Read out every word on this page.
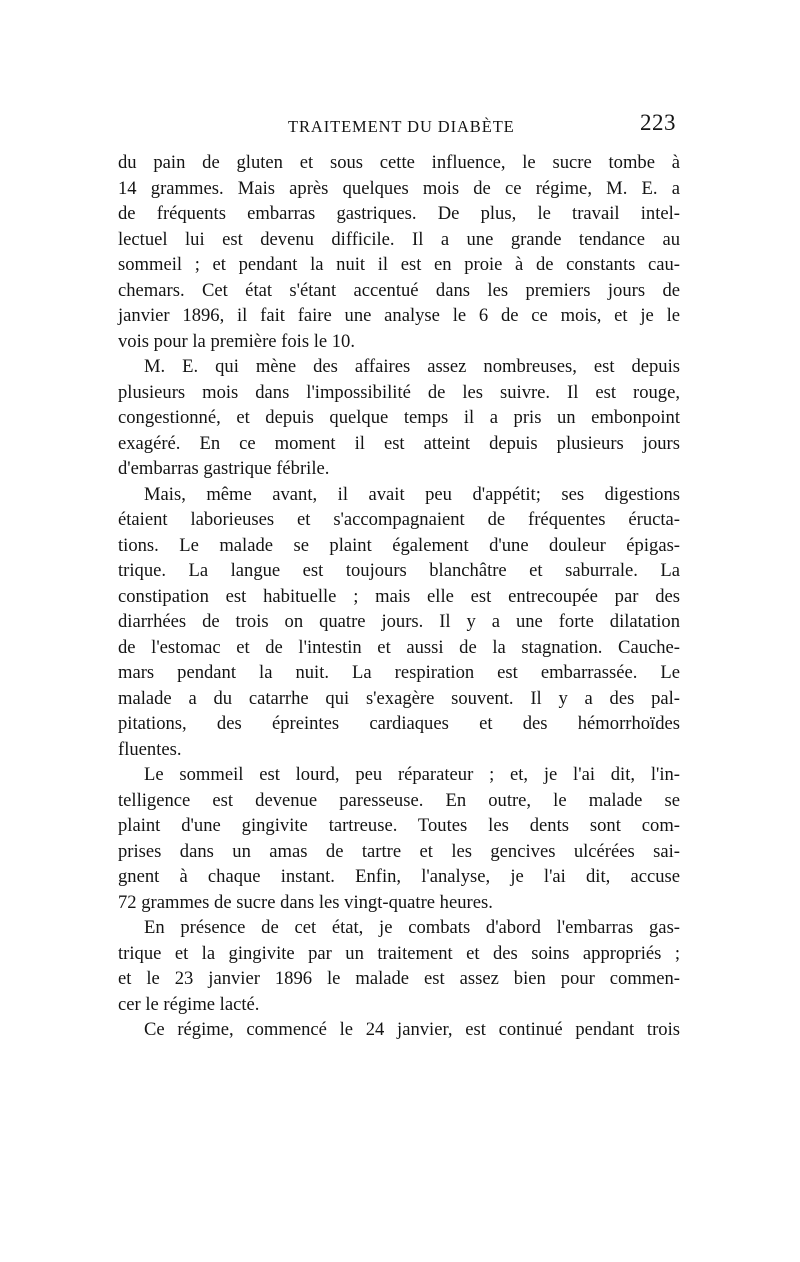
TRAITEMENT DU DIABÈTE	223

du pain de gluten et sous cette influence, le sucre tombe à
14 grammes. Mais après quelques mois de ce régime, M. E. a
de fréquents embarras gastriques. De plus, le travail intel-
lectuel lui est devenu difficile. Il a une grande tendance au
sommeil ; et pendant la nuit il est en proie à de constants cau-
chemars. Cet état s'étant accentué dans les premiers jours de
janvier 1896, il fait faire une analyse le 6 de ce mois, et je le
vois pour la première fois le 10.

M. E. qui mène des affaires assez nombreuses, est depuis
plusieurs mois dans l'impossibilité de les suivre. Il est rouge,
congestionné, et depuis quelque temps il a pris un embonpoint
exagéré. En ce moment il est atteint depuis plusieurs jours
d'embarras gastrique fébrile.

Mais, même avant, il avait peu d'appétit; ses digestions
étaient laborieuses et s'accompagnaient de fréquentes éructa-
tions. Le malade se plaint également d'une douleur épigas-
trique. La langue est toujours blanchâtre et saburrale. La
constipation est habituelle ; mais elle est entrecoupée par des
diarrhées de trois on quatre jours. Il y a une forte dilatation
de l'estomac et de l'intestin et aussi de la stagnation. Cauche-
mars pendant la nuit. La respiration est embarrassée. Le
malade a du catarrhe qui s'exagère souvent. Il y a des pal-
pitations, des épreintes cardiaques et des hémorrhoïdes
fluentes.

Le sommeil est lourd, peu réparateur ; et, je l'ai dit, l'in-
telligence est devenue paresseuse. En outre, le malade se
plaint d'une gingivite tartreuse. Toutes les dents sont com-
prises dans un amas de tartre et les gencives ulcérées sai-
gnent à chaque instant. Enfin, l'analyse, je l'ai dit, accuse
72 grammes de sucre dans les vingt-quatre heures.

En présence de cet état, je combats d'abord l'embarras gas-
trique et la gingivite par un traitement et des soins appropriés ;
et le 23 janvier 1896 le malade est assez bien pour commen-
cer le régime lacté.

Ce régime, commencé le 24 janvier, est continué pendant trois
